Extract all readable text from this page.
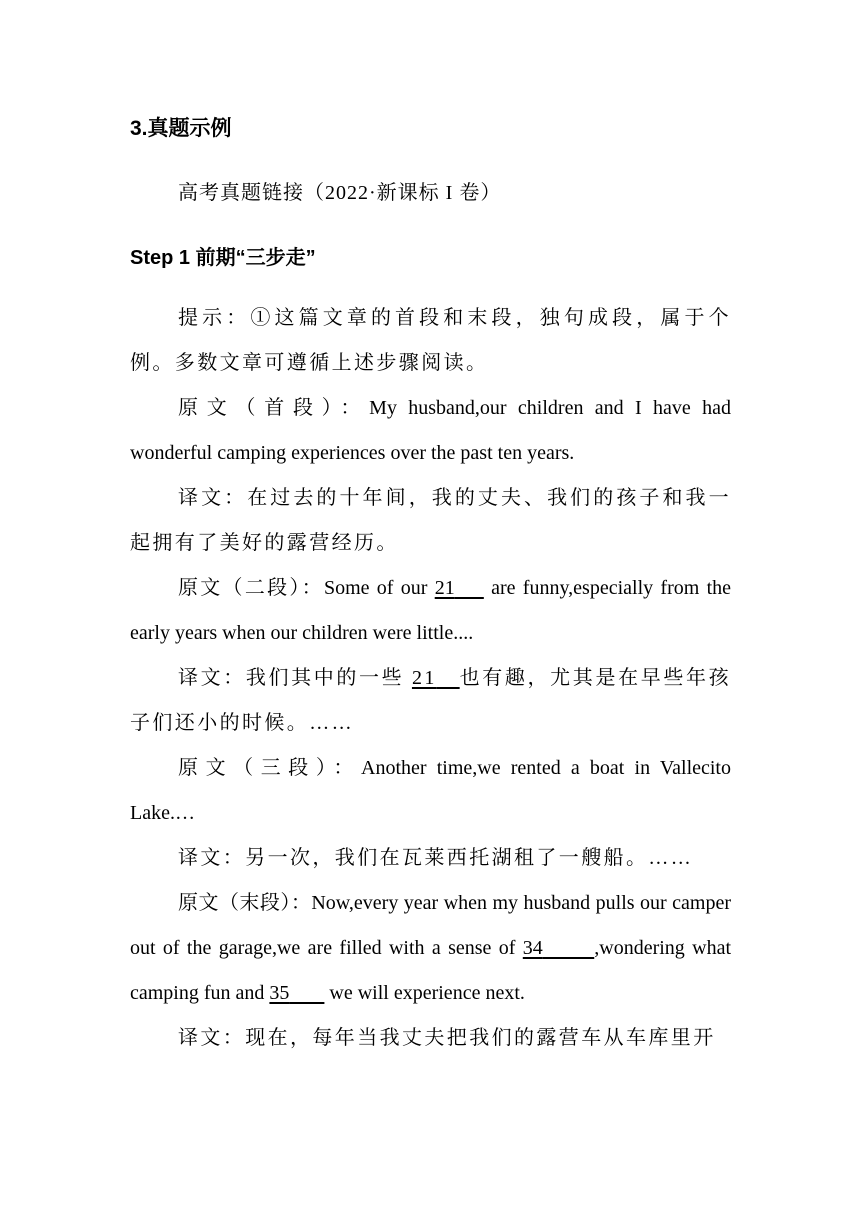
3.真题示例
高考真题链接（2022·新课标 I 卷）
Step 1 前期“三步走”
提示：①这篇文章的首段和末段，独句成段，属于个例。多数文章可遵循上述步骤阅读。
原文（首段）：My husband,our children and I have had wonderful camping experiences over the past ten years.
译文：在过去的十年间，我的丈夫、我们的孩子和我一起拥有了美好的露营经历。
原文（二段）：Some of our 21     are funny,especially from the early years when our children were little....
译文：我们其中的一些 21 也有趣，尤其是在早些年孩子们还小的时候。……
原文（三段）：Another time,we rented a boat in Vallecito Lake.…
译文：另一次，我们在瓦莱西托湖租了一艘船。……
原文（末段）：Now,every year when my husband pulls our camper out of the garage,we are filled with a sense of 34	,wondering what camping fun and 35        we will experience next.
译文：现在，每年当我丈夫把我们的露营车从车库里开
